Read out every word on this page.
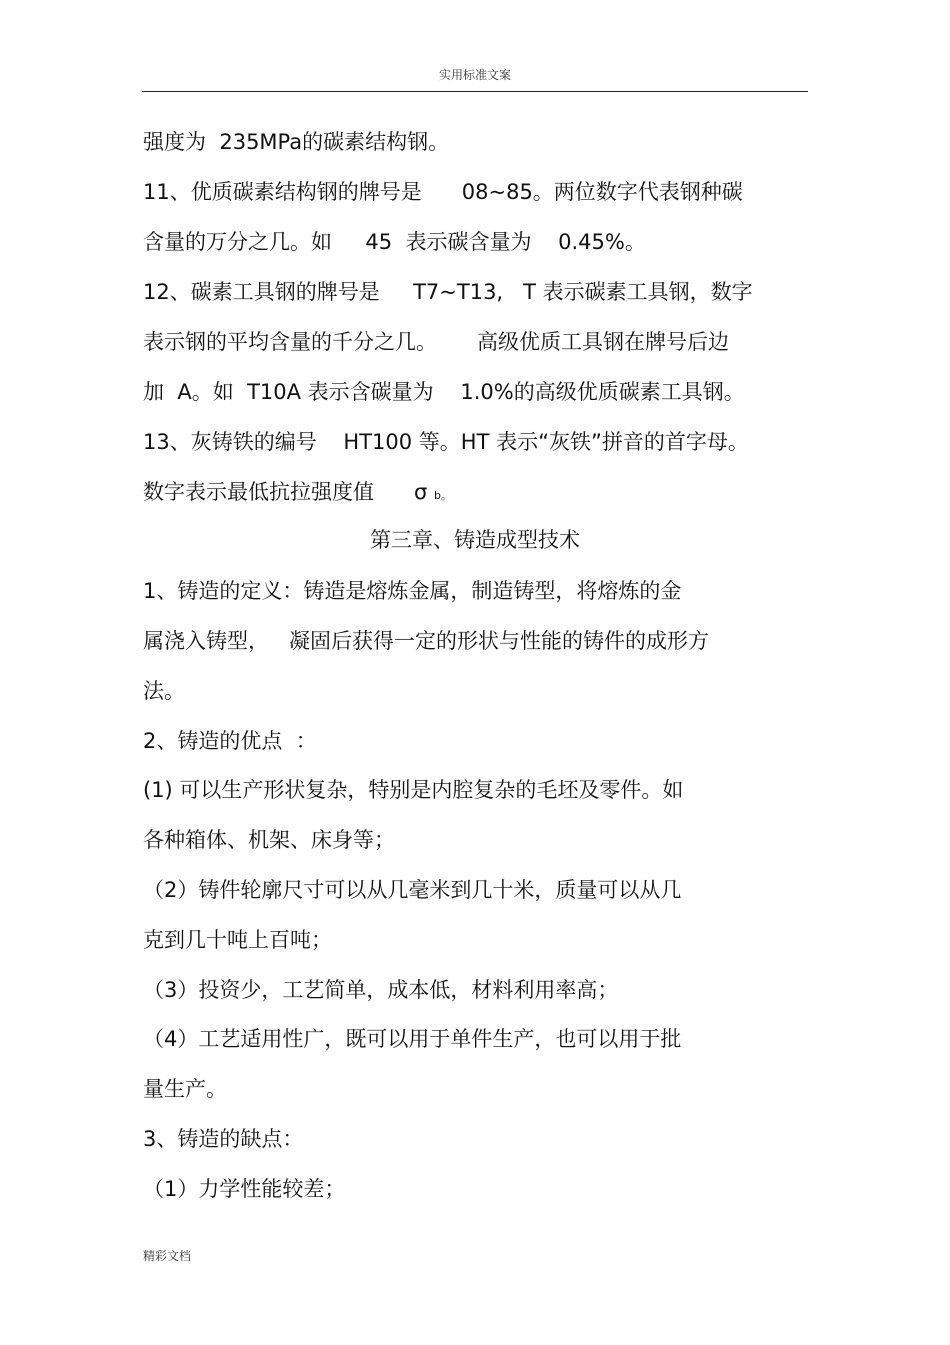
实用标准文案
强度为  235MPa的碳素结构钢。
11、优质碳素结构钢的牌号是      08~85。两位数字代表钢种碳
含量的万分之几。如     45  表示碳含量为    0.45%。
12、碳素工具钢的牌号是     T7~T13,   T 表示碳素工具钢，数字
表示钢的平均含量的千分之几。      高级优质工具钢在牌号后边
加  A。如  T10A 表示含碳量为    1.0%的高级优质碳素工具钢。
13、灰铸铁的编号    HT100 等。HT 表示“灰铁”拼音的首字母。
数字表示最低抗拉强度值      σ b。
第三章、铸造成型技术
1、铸造的定义：铸造是熔炼金属，制造铸型，将熔炼的金
属浇入铸型，   凝固后获得一定的形状与性能的铸件的成形方
法。
2、铸造的优点  ：
(1) 可以生产形状复杂，特别是内腔复杂的毛坯及零件。如
各种箱体、机架、床身等；
（2）铸件轮廓尺寸可以从几毫米到几十米，质量可以从几
克到几十吨上百吨；
（3）投资少，工艺简单，成本低，材料利用率高；
（4）工艺适用性广，既可以用于单件生产，也可以用于批
量生产。
3、铸造的缺点：
（1）力学性能较差；
精彩文档
